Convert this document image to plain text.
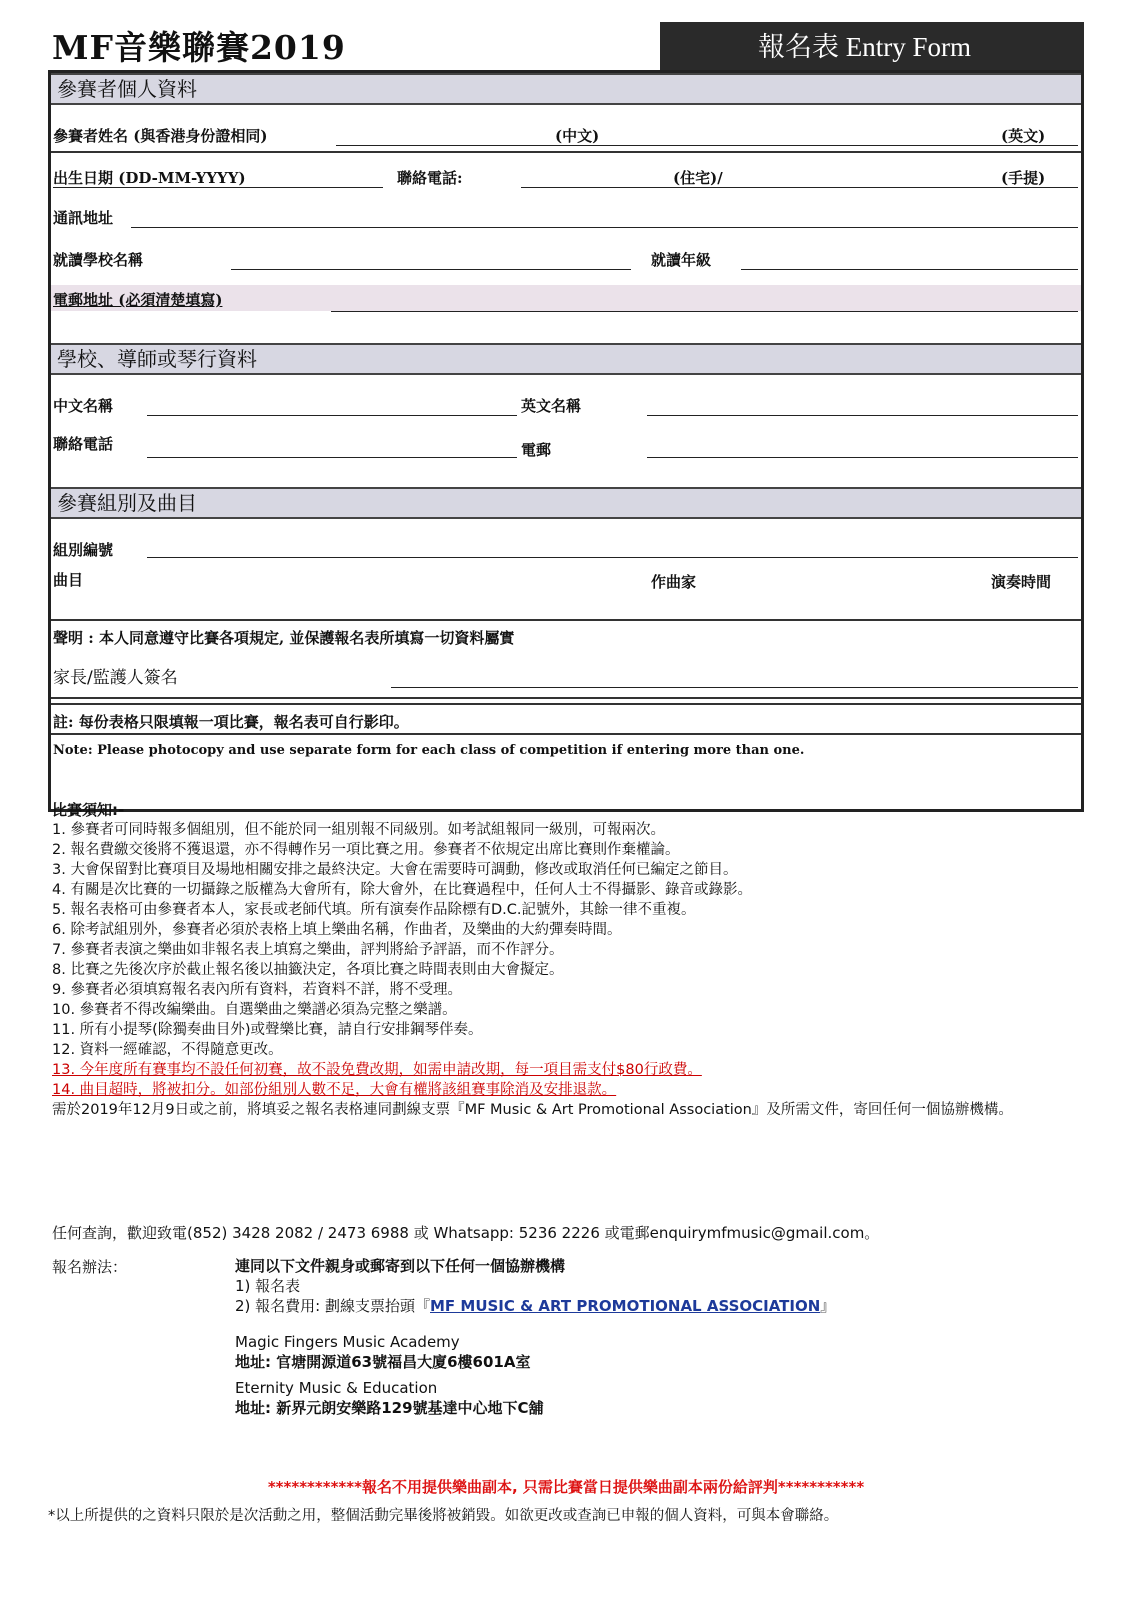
MF音樂聯賽2019	報名表 Entry Form
參賽者個人資料
參賽者姓名 (與香港身份證相同)	(中文)	(英文)
出生日期 (DD-MM-YYYY)	聯絡電話:	(住宅)/	(手提)
通訊地址
就讀學校名稱	就讀年級
電郵地址 (必須清楚填寫)
學校、導師或琴行資料
中文名稱	英文名稱
聯絡電話	電郵
參賽組別及曲目
組別編號
曲目	作曲家	演奏時間
聲明 : 本人同意遵守比賽各項規定, 並保護報名表所填寫一切資料屬實
家長/監護人簽名
註: 每份表格只限填報一項比賽，報名表可自行影印。
Note: Please photocopy and use separate form for each class of competition if entering more than one.

比賽須知:-

1. 參賽者可同時報多個組別，但不能於同一組別報不同級別。如考試組報同一級別，可報兩次。

2. 報名費繳交後將不獲退還，亦不得轉作另一項比賽之用。參賽者不依規定出席比賽則作棄權論。

3. 大會保留對比賽項目及場地相關安排之最終決定。大會在需要時可調動，修改或取消任何已編定之節目。

4. 有關是次比賽的一切攝錄之版權為大會所有，除大會外，在比賽過程中，任何人士不得攝影、錄音或錄影。

5. 報名表格可由參賽者本人，家長或老師代填。所有演奏作品除標有D.C.記號外，其餘一律不重複。

6. 除考試組別外，參賽者必須於表格上填上樂曲名稱，作曲者，及樂曲的大約彈奏時間。

7. 參賽者表演之樂曲如非報名表上填寫之樂曲，評判將給予評語，而不作評分。

8. 比賽之先後次序於截止報名後以抽籤決定，各項比賽之時間表則由大會擬定。

9. 參賽者必須填寫報名表內所有資料，若資料不詳，將不受理。

10. 參賽者不得改編樂曲。自選樂曲之樂譜必須為完整之樂譜。

11. 所有小提琴(除獨奏曲目外)或聲樂比賽，請自行安排鋼琴伴奏。

12. 資料一經確認，不得隨意更改。

13. 今年度所有賽事均不設任何初賽，故不設免費改期，如需申請改期，每一項目需支付$80行政費。

14. 曲目超時，將被扣分。如部份組別人數不足，大會有權將該組賽事除消及安排退款。

需於2019年12月9日或之前，將填妥之報名表格連同劃線支票『MF Music & Art Promotional Association』及所需文件，寄回任何一個協辦機構。

任何查詢，歡迎致電(852) 3428 2082 / 2473 6988 或 Whatsapp: 5236 2226 或電郵enquirymfmusic@gmail.com。
報名辦法：	連同以下文件親身或郵寄到以下任何一個協辦機構
1) 報名表
2) 報名費用: 劃線支票抬頭『MF MUSIC & ART PROMOTIONAL ASSOCIATION』
Magic Fingers Music Academy
地址: 官塘開源道63號福昌大廈6樓601A室
Eternity Music & Education
地址: 新界元朗安樂路129號基達中心地下C舖
************報名不用提供樂曲副本, 只需比賽當日提供樂曲副本兩份給評判***********
*以上所提供的之資料只限於是次活動之用，整個活動完畢後將被銷毀。如欲更改或查詢已申報的個人資料，可與本會聯絡。
